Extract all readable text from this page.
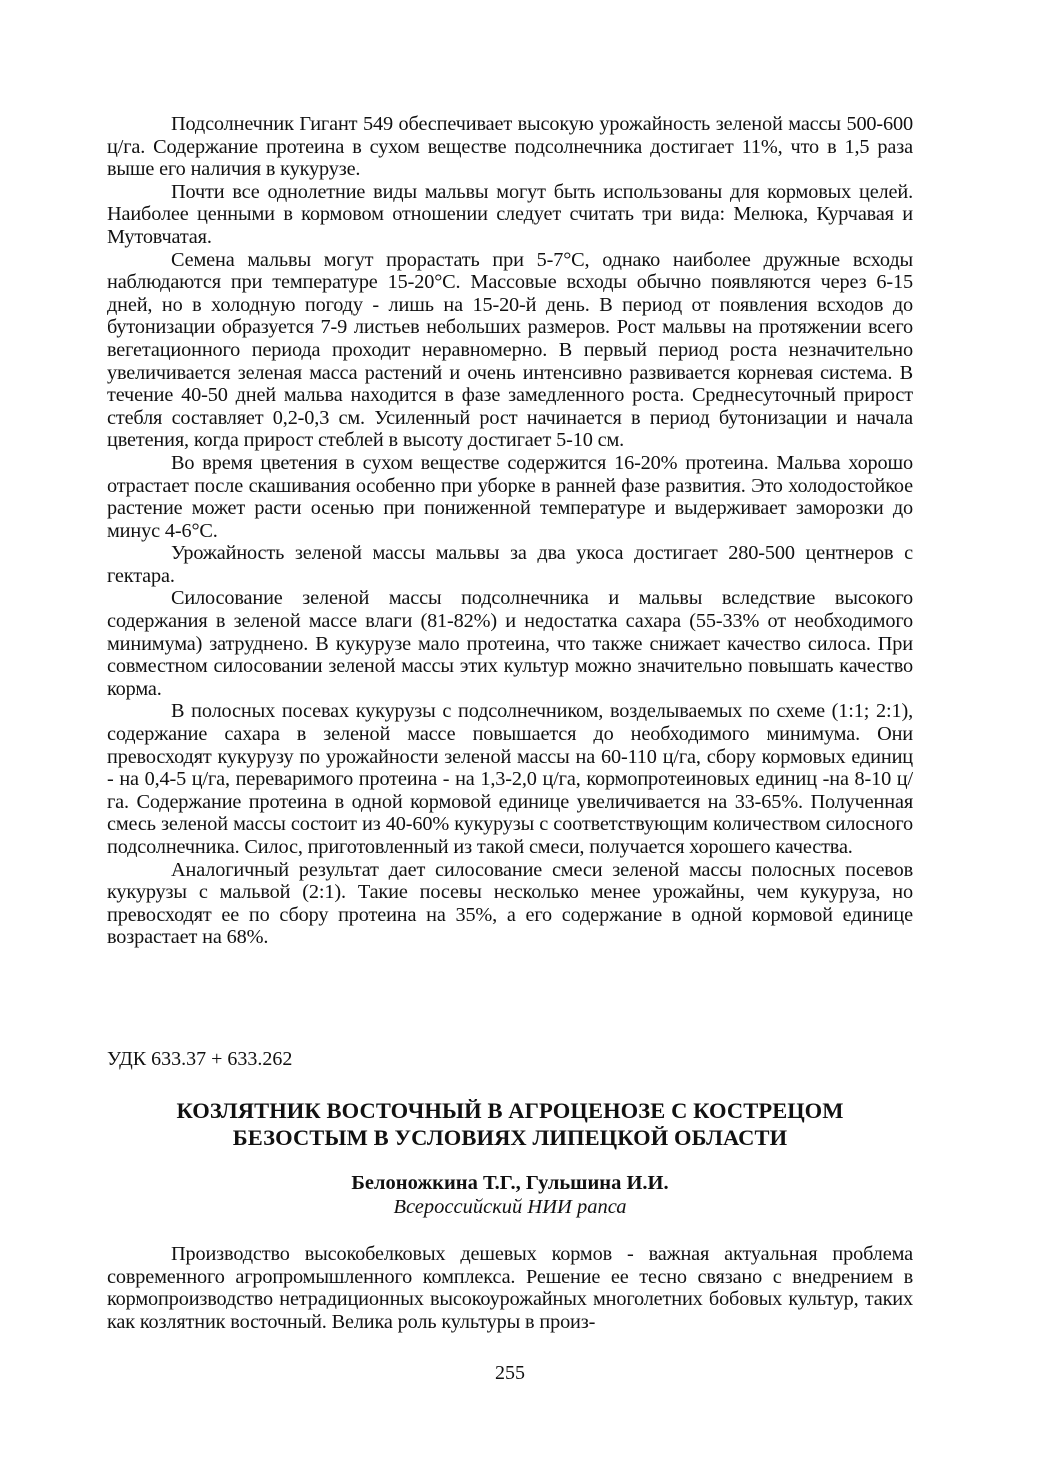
Подсолнечник Гигант 549 обеспечивает высокую урожайность зеленой массы 500-600 ц/га. Содержание протеина в сухом веществе подсолнечника достигает 11%, что в 1,5 раза выше его наличия в кукурузе.

Почти все однолетние виды мальвы могут быть использованы для кормовых целей. Наиболее ценными в кормовом отношении следует считать три вида: Мелюка, Курчавая и Мутовчатая.

Семена мальвы могут прорастать при 5-7°С, однако наиболее дружные всходы наблюдаются при температуре 15-20°С. Массовые всходы обычно появляются через 6-15 дней, но в холодную погоду - лишь на 15-20-й день. В период от появления всходов до бутонизации образуется 7-9 листьев небольших размеров. Рост мальвы на протяжении всего вегетационного периода проходит неравномерно. В первый период роста незначительно увеличивается зеленая масса растений и очень интенсивно развивается корневая система. В течение 40-50 дней мальва находится в фазе замедленного роста. Среднесуточный прирост стебля составляет 0,2-0,3 см. Усиленный рост начинается в период бутонизации и начала цветения, когда прирост стеблей в высоту достигает 5-10 см.

Во время цветения в сухом веществе содержится 16-20% протеина. Мальва хорошо отрастает после скашивания особенно при уборке в ранней фазе развития. Это холодостойкое растение может расти осенью при пониженной температуре и выдерживает заморозки до минус 4-6°С.

Урожайность зеленой массы мальвы за два укоса достигает 280-500 центнеров с гектара.

Силосование зеленой массы подсолнечника и мальвы вследствие высокого содержания в зеленой массе влаги (81-82%) и недостатка сахара (55-33% от необходимого минимума) затруднено. В кукурузе мало протеина, что также снижает качество силоса. При совместном силосовании зеленой массы этих культур можно значительно повышать качество корма.

В полосных посевах кукурузы с подсолнечником, возделываемых по схеме (1:1; 2:1), содержание сахара в зеленой массе повышается до необходимого минимума. Они превосходят кукурузу по урожайности зеленой массы на 60-110 ц/га, сбору кормовых единиц - на 0,4-5 ц/га, переваримого протеина - на 1,3-2,0 ц/га, кормопротеиновых единиц -на 8-10 ц/га. Содержание протеина в одной кормовой единице увеличивается на 33-65%. Полученная смесь зеленой массы состоит из 40-60% кукурузы с соответствующим количеством силосного подсолнечника. Силос, приготовленный из такой смеси, получается хорошего качества.

Аналогичный результат дает силосование смеси зеленой массы полосных посевов кукурузы с мальвой (2:1). Такие посевы несколько менее урожайны, чем кукуруза, но превосходят ее по сбору протеина на 35%, а его содержание в одной кормовой единице возрастает на 68%.

УДК 633.37 + 633.262
КОЗЛЯТНИК ВОСТОЧНЫЙ В АГРОЦЕНОЗЕ С КОСТРЕЦОМ
БЕЗОСТЫМ В УСЛОВИЯХ ЛИПЕЦКОЙ ОБЛАСТИ
Белоножкина Т.Г., Гульшина И.И.
Всероссийский НИИ рапса

Производство высокобелковых дешевых кормов - важная актуальная проблема современного агропромышленного комплекса. Решение ее тесно связано с внедрением в кормопроизводство нетрадиционных высокоурожайных многолетних бобовых культур, таких как козлятник восточный. Велика роль культуры в произ-

255
